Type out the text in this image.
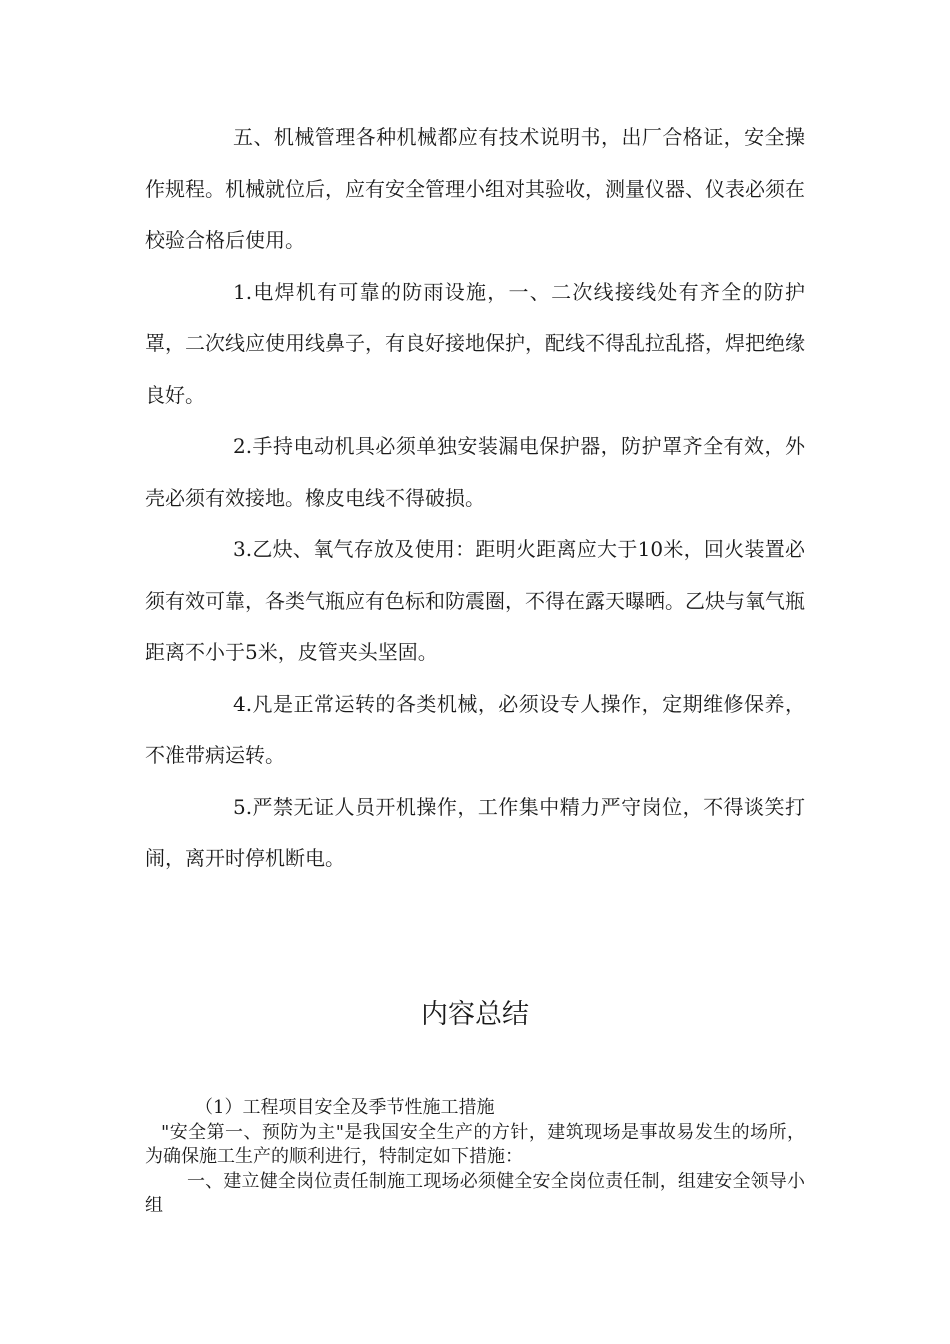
五、机械管理各种机械都应有技术说明书，出厂合格证，安全操作规程。机械就位后，应有安全管理小组对其验收，测量仪器、仪表必须在校验合格后使用。

1.电焊机有可靠的防雨设施，一、二次线接线处有齐全的防护罩，二次线应使用线鼻子，有良好接地保护，配线不得乱拉乱搭，焊把绝缘良好。

2.手持电动机具必须单独安装漏电保护器，防护罩齐全有效，外壳必须有效接地。橡皮电线不得破损。

3.乙炔、氧气存放及使用：距明火距离应大于10米，回火装置必须有效可靠，各类气瓶应有色标和防震圈，不得在露天曝晒。乙炔与氧气瓶距离不小于5米，皮管夹头坚固。

4.凡是正常运转的各类机械，必须设专人操作，定期维修保养，不准带病运转。

5.严禁无证人员开机操作，工作集中精力严守岗位，不得谈笑打闹，离开时停机断电。

内容总结

（1）工程项目安全及季节性施工措施

"安全第一、预防为主"是我国安全生产的方针，建筑现场是事故易发生的场所，为确保施工生产的顺利进行，特制定如下措施：

一、建立健全岗位责任制施工现场必须健全安全岗位责任制，组建安全领导小组
